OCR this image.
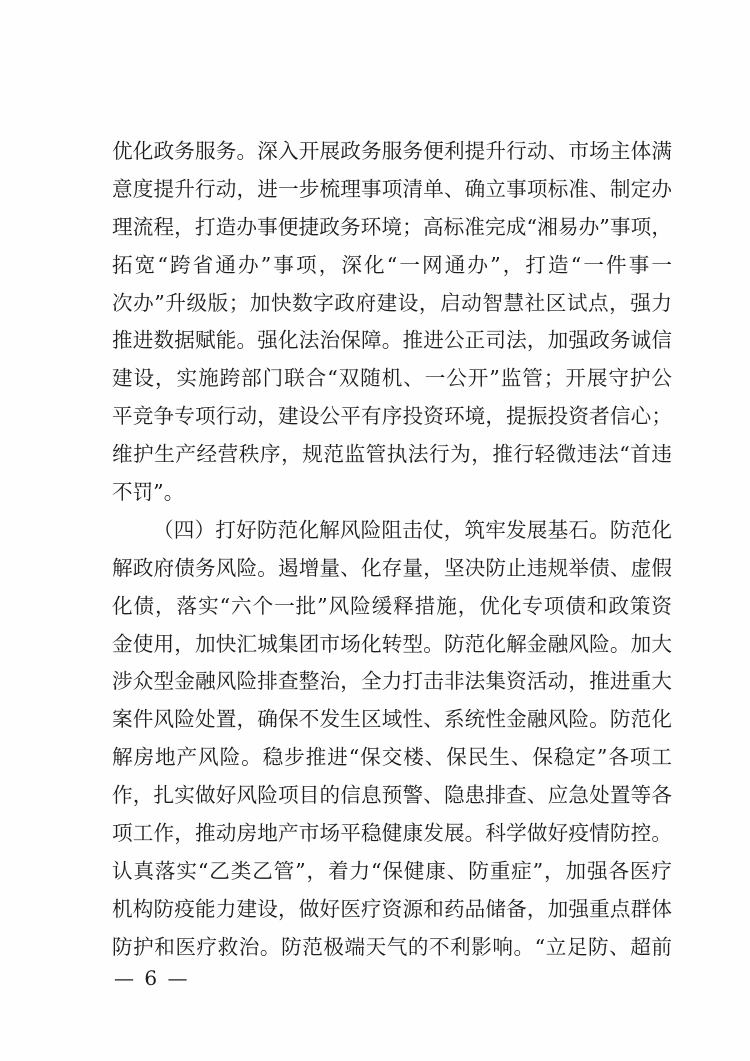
优化政务服务。深入开展政务服务便利提升行动、市场主体满
意度提升行动，进一步梳理事项清单、确立事项标准、制定办
理流程，打造办事便捷政务环境；高标准完成“湘易办”事项，
拓宽“跨省通办”事项，深化“一网通办”，打造“一件事一
次办”升级版；加快数字政府建设，启动智慧社区试点，强力
推进数据赋能。强化法治保障。推进公正司法，加强政务诚信
建设，实施跨部门联合“双随机、一公开”监管；开展守护公
平竞争专项行动，建设公平有序投资环境，提振投资者信心；
维护生产经营秩序，规范监管执法行为，推行轻微违法“首违
不罚”。
（四）打好防范化解风险阻击仗，筑牢发展基石。防范化
解政府债务风险。遏增量、化存量，坚决防止违规举债、虚假
化债，落实“六个一批”风险缓释措施，优化专项债和政策资
金使用，加快汇城集团市场化转型。防范化解金融风险。加大
涉众型金融风险排查整治，全力打击非法集资活动，推进重大
案件风险处置，确保不发生区域性、系统性金融风险。防范化
解房地产风险。稳步推进“保交楼、保民生、保稳定”各项工
作，扎实做好风险项目的信息预警、隐患排查、应急处置等各
项工作，推动房地产市场平稳健康发展。科学做好疫情防控。
认真落实“乙类乙管”，着力“保健康、防重症”，加强各医疗
机构防疫能力建设，做好医疗资源和药品储备，加强重点群体
防护和医疗救治。防范极端天气的不利影响。“立足防、超前
— 6 —
